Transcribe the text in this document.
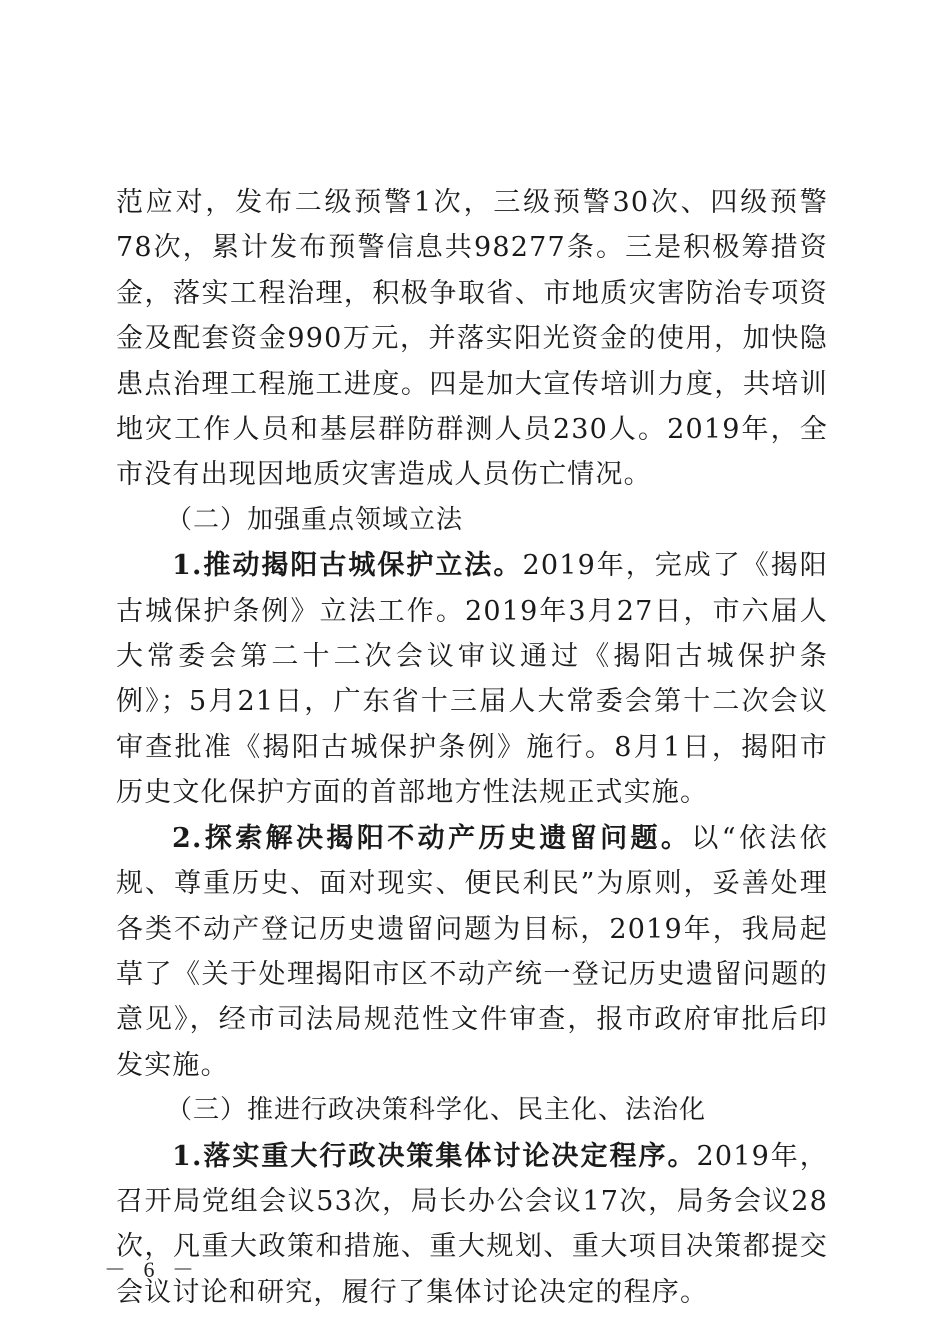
范应对，发布二级预警1次，三级预警30次、四级预警78次，累计发布预警信息共98277条。三是积极筹措资金，落实工程治理，积极争取省、市地质灾害防治专项资金及配套资金990万元，并落实阳光资金的使用，加快隐患点治理工程施工进度。四是加大宣传培训力度，共培训地灾工作人员和基层群防群测人员230人。2019年，全市没有出现因地质灾害造成人员伤亡情况。

（二）加强重点领域立法

1.推动揭阳古城保护立法。2019年，完成了《揭阳古城保护条例》立法工作。2019年3月27日，市六届人大常委会第二十二次会议审议通过《揭阳古城保护条例》；5月21日，广东省十三届人大常委会第十二次会议审查批准《揭阳古城保护条例》施行。8月1日，揭阳市历史文化保护方面的首部地方性法规正式实施。

2.探索解决揭阳不动产历史遗留问题。以“依法依规、尊重历史、面对现实、便民利民”为原则，妥善处理各类不动产登记历史遗留问题为目标，2019年，我局起草了《关于处理揭阳市区不动产统一登记历史遗留问题的意见》，经市司法局规范性文件审查，报市政府审批后印发实施。

（三）推进行政决策科学化、民主化、法治化

1.落实重大行政决策集体讨论决定程序。2019年，召开局党组会议53次，局长办公会议17次，局务会议28次，凡重大政策和措施、重大规划、重大项目决策都提交会议讨论和研究，履行了集体讨论决定的程序。

－ 6 －
